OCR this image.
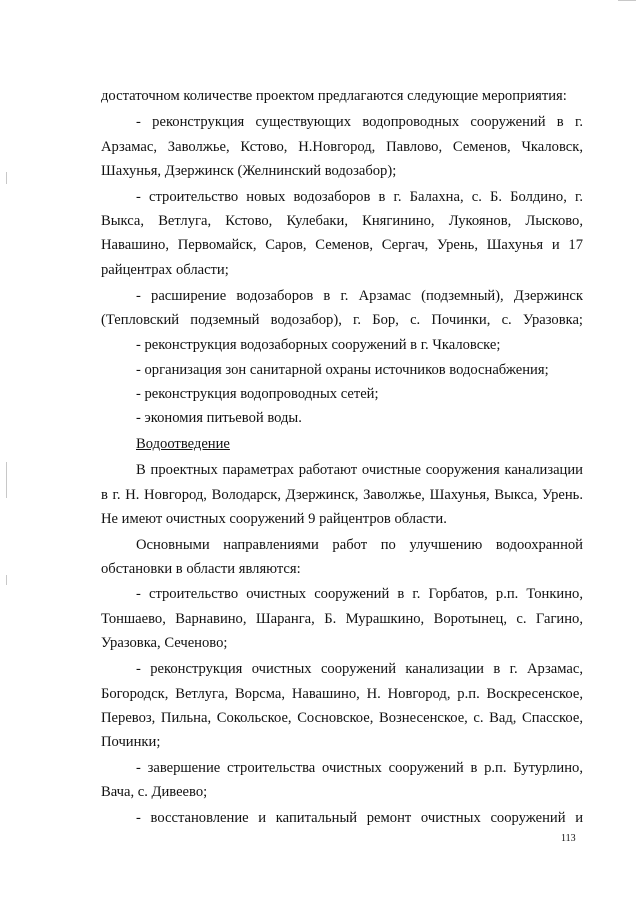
достаточном количестве проектом предлагаются следующие мероприятия:
- реконструкция существующих водопроводных сооружений в г.
Арзамас, Заволжье, Кстово, Н.Новгород, Павлово, Семенов, Чкаловск,
Шахунья, Дзержинск (Желнинский водозабор);
- строительство новых водозаборов в г. Балахна, с. Б. Болдино, г.
Выкса, Ветлуга, Кстово, Кулебаки, Княгинино, Лукоянов, Лысково,
Навашино, Первомайск, Саров, Семенов, Сергач, Урень, Шахунья и 17
райцентрах области;
- расширение водозаборов в г. Арзамас (подземный), Дзержинск
(Тепловский подземный водозабор), г. Бор, с. Починки, с. Уразовка;
- реконструкция водозаборных сооружений в г. Чкаловске;
- организация зон санитарной охраны источников водоснабжения;
- реконструкция водопроводных сетей;
- экономия питьевой воды.
Водоотведение
В проектных параметрах работают очистные сооружения канализации
в г. Н. Новгород, Володарск, Дзержинск, Заволжье, Шахунья, Выкса, Урень.
Не имеют очистных сооружений 9 райцентров области.
Основными направлениями работ по улучшению водоохранной
обстановки в области являются:
- строительство очистных сооружений в г. Горбатов, р.п. Тонкино,
Тоншаево, Варнавино, Шаранга, Б. Мурашкино, Воротынец, с. Гагино,
Уразовка, Сеченово;
- реконструкция очистных сооружений канализации в г. Арзамас,
Богородск, Ветлуга, Ворсма, Навашино, Н. Новгород, р.п. Воскресенское,
Перевоз, Пильна, Сокольское, Сосновское, Вознесенское, с. Вад, Спасское,
Починки;
- завершение строительства очистных сооружений в р.п. Бутурлино,
Вача, с. Дивеево;
- восстановление и капитальный ремонт очистных сооружений и
113
